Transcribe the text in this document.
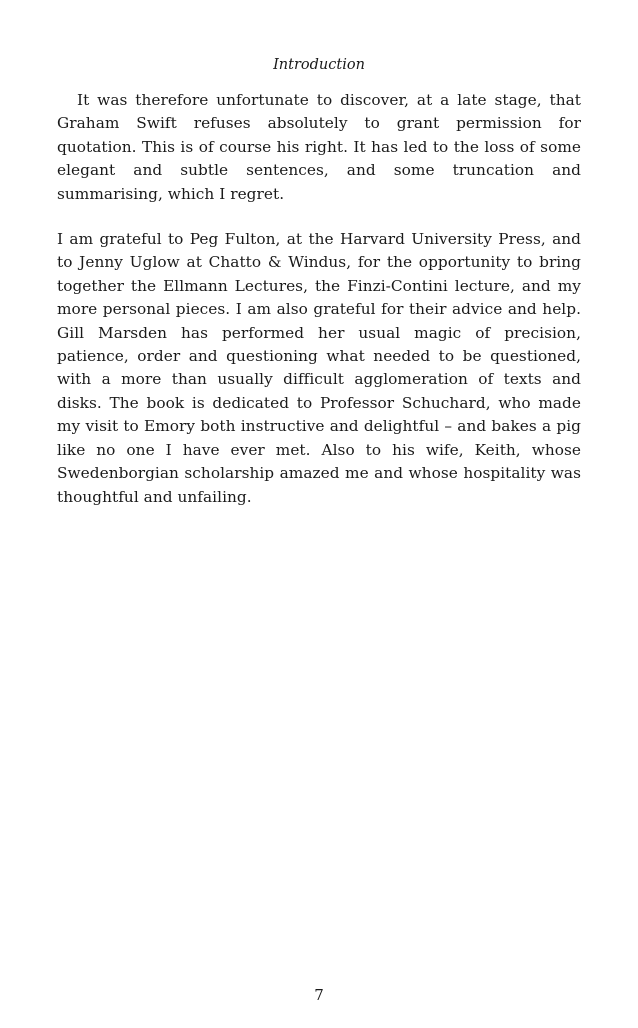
Introduction

It was therefore unfortunate to discover, at a late stage, that Graham Swift refuses absolutely to grant permission for quotation. This is of course his right. It has led to the loss of some elegant and subtle sentences, and some truncation and summarising, which I regret.

I am grateful to Peg Fulton, at the Harvard University Press, and to Jenny Uglow at Chatto & Windus, for the opportunity to bring together the Ellmann Lectures, the Finzi-Contini lecture, and my more personal pieces. I am also grateful for their advice and help. Gill Marsden has performed her usual magic of precision, patience, order and questioning what needed to be questioned, with a more than usually difficult agglomeration of texts and disks. The book is dedicated to Professor Schuchard, who made my visit to Emory both instructive and delightful – and bakes a pig like no one I have ever met. Also to his wife, Keith, whose Swedenborgian scholarship amazed me and whose hospitality was thoughtful and unfailing.

7
